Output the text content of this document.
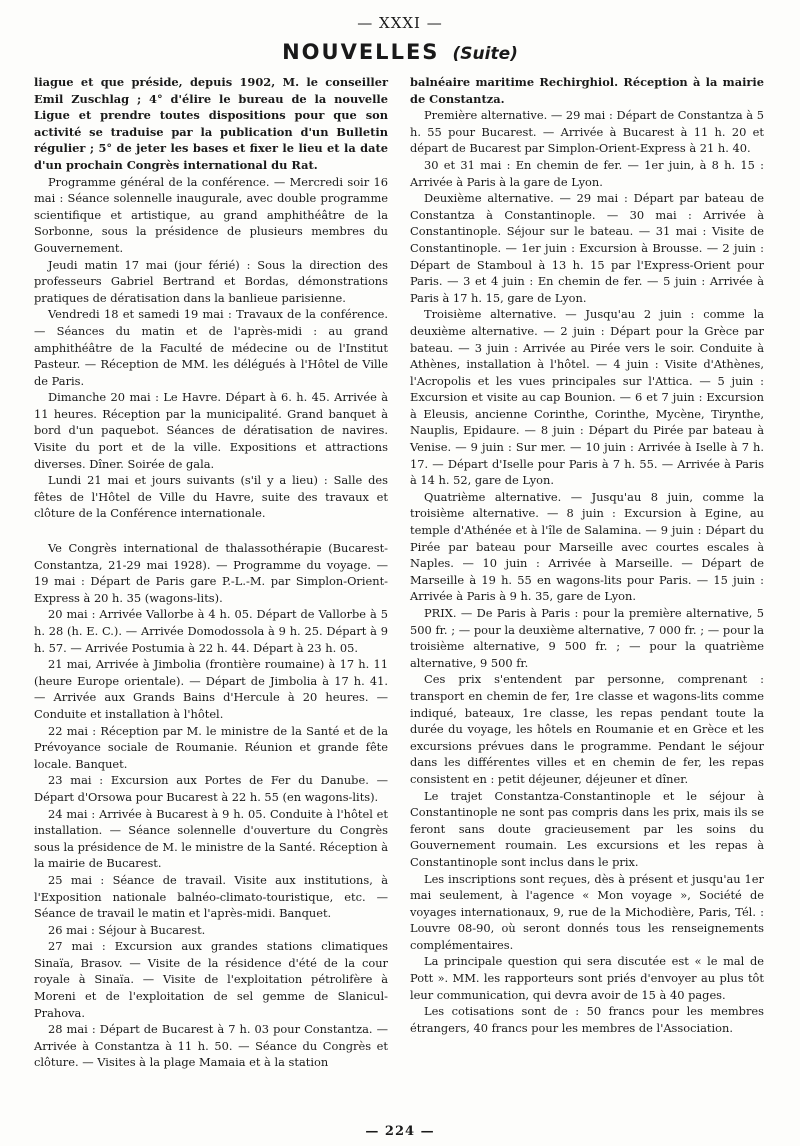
— XXXI —
NOUVELLES (Suite)

liague et que préside, depuis 1902, M. le conseiller Emil Zuschlag ; 4° d'élire le bureau de la nouvelle Ligue et prendre toutes dispositions pour que son activité se traduise par la publication d'un Bulletin régulier ; 5° de jeter les bases et fixer le lieu et la date d'un prochain Congrès international du Rat.

Programme général de la conférence. — Mercredi soir 16 mai : Séance solennelle inaugurale, avec double programme scientifique et artistique, au grand amphithéâtre de la Sorbonne, sous la présidence de plusieurs membres du Gouvernement.

Jeudi matin 17 mai (jour férié) : Sous la direction des professeurs Gabriel Bertrand et Bordas, démonstrations pratiques de dératisation dans la banlieue parisienne.

Vendredi 18 et samedi 19 mai : Travaux de la conférence. — Séances du matin et de l'après-midi : au grand amphithéâtre de la Faculté de médecine ou de l'Institut Pasteur. — Réception de MM. les délégués à l'Hôtel de Ville de Paris.

Dimanche 20 mai : Le Havre. Départ à 6. h. 45. Arrivée à 11 heures. Réception par la municipalité. Grand banquet à bord d'un paquebot. Séances de dératisation de navires. Visite du port et de la ville. Expositions et attractions diverses. Dîner. Soirée de gala.

Lundi 21 mai et jours suivants (s'il y a lieu) : Salle des fêtes de l'Hôtel de Ville du Havre, suite des travaux et clôture de la Conférence internationale.

Ve Congrès international de thalassothérapie (Bucarest-Constantza, 21-29 mai 1928). — Programme du voyage. — 19 mai : Départ de Paris gare P.-L.-M. par Simplon-Orient-Express à 20 h. 35 (wagons-lits).

20 mai : Arrivée Vallorbe à 4 h. 05. Départ de Vallorbe à 5 h. 28 (h. E. C.). — Arrivée Domodossola à 9 h. 25. Départ à 9 h. 57. — Arrivée Postumia à 22 h. 44. Départ à 23 h. 05.

21 mai, Arrivée à Jimbolia (frontière roumaine) à 17 h. 11 (heure Europe orientale). — Départ de Jimbolia à 17 h. 41. — Arrivée aux Grands Bains d'Hercule à 20 heures. — Conduite et installation à l'hôtel.

22 mai : Réception par M. le ministre de la Santé et de la Prévoyance sociale de Roumanie. Réunion et grande fête locale. Banquet.

23 mai : Excursion aux Portes de Fer du Danube. — Départ d'Orsowa pour Bucarest à 22 h. 55 (en wagons-lits).

24 mai : Arrivée à Bucarest à 9 h. 05. Conduite à l'hôtel et installation. — Séance solennelle d'ouverture du Congrès sous la présidence de M. le ministre de la Santé. Réception à la mairie de Bucarest.

25 mai : Séance de travail. Visite aux institutions, à l'Exposition nationale balnéo-climato-touristique, etc. — Séance de travail le matin et l'après-midi. Banquet.

26 mai : Séjour à Bucarest.

27 mai : Excursion aux grandes stations climatiques Sinaïa, Brasov. — Visite de la résidence d'été de la cour royale à Sinaïa. — Visite de l'exploitation pétrolifère à Moreni et de l'exploitation de sel gemme de Slanicul-Prahova.

28 mai : Départ de Bucarest à 7 h. 03 pour Constantza. — Arrivée à Constantza à 11 h. 50. — Séance du Congrès et clôture. — Visites à la plage Mamaia et à la station

balnéaire maritime Rechirghiol. Réception à la mairie de Constantza.

Première alternative. — 29 mai : Départ de Constantza à 5 h. 55 pour Bucarest. — Arrivée à Bucarest à 11 h. 20 et départ de Bucarest par Simplon-Orient-Express à 21 h. 40.

30 et 31 mai : En chemin de fer. — 1er juin, à 8 h. 15 : Arrivée à Paris à la gare de Lyon.

Deuxième alternative. — 29 mai : Départ par bateau de Constantza à Constantinople. — 30 mai : Arrivée à Constantinople. Séjour sur le bateau. — 31 mai : Visite de Constantinople. — 1er juin : Excursion à Brousse. — 2 juin : Départ de Stamboul à 13 h. 15 par l'Express-Orient pour Paris. — 3 et 4 juin : En chemin de fer. — 5 juin : Arrivée à Paris à 17 h. 15, gare de Lyon.

Troisième alternative. — Jusqu'au 2 juin : comme la deuxième alternative. — 2 juin : Départ pour la Grèce par bateau. — 3 juin : Arrivée au Pirée vers le soir. Conduite à Athènes, installation à l'hôtel. — 4 juin : Visite d'Athènes, l'Acropolis et les vues principales sur l'Attica. — 5 juin : Excursion et visite au cap Bounion. — 6 et 7 juin : Excursion à Eleusis, ancienne Corinthe, Corinthe, Mycène, Tirynthe, Nauplis, Epidaure. — 8 juin : Départ du Pirée par bateau à Venise. — 9 juin : Sur mer. — 10 juin : Arrivée à Iselle à 7 h. 17. — Départ d'Iselle pour Paris à 7 h. 55. — Arrivée à Paris à 14 h. 52, gare de Lyon.

Quatrième alternative. — Jusqu'au 8 juin, comme la troisième alternative. — 8 juin : Excursion à Egine, au temple d'Athénée et à l'île de Salamina. — 9 juin : Départ du Pirée par bateau pour Marseille avec courtes escales à Naples. — 10 juin : Arrivée à Marseille. — Départ de Marseille à 19 h. 55 en wagons-lits pour Paris. — 15 juin : Arrivée à Paris à 9 h. 35, gare de Lyon.

PRIX. — De Paris à Paris : pour la première alternative, 5 500 fr. ; — pour la deuxième alternative, 7 000 fr. ; — pour la troisième alternative, 9 500 fr. ; — pour la quatrième alternative, 9 500 fr.

Ces prix s'entendent par personne, comprenant : transport en chemin de fer, 1re classe et wagons-lits comme indiqué, bateaux, 1re classe, les repas pendant toute la durée du voyage, les hôtels en Roumanie et en Grèce et les excursions prévues dans le programme. Pendant le séjour dans les différentes villes et en chemin de fer, les repas consistent en : petit déjeuner, déjeuner et dîner.

Le trajet Constantza-Constantinople et le séjour à Constantinople ne sont pas compris dans les prix, mais ils se feront sans doute gracieusement par les soins du Gouvernement roumain. Les excursions et les repas à Constantinople sont inclus dans le prix.

Les inscriptions sont reçues, dès à présent et jusqu'au 1er mai seulement, à l'agence « Mon voyage », Société de voyages internationaux, 9, rue de la Michodière, Paris, Tél. : Louvre 08-90, où seront donnés tous les renseignements complémentaires.

La principale question qui sera discutée est « le mal de Pott ». MM. les rapporteurs sont priés d'envoyer au plus tôt leur communication, qui devra avoir de 15 à 40 pages.

Les cotisations sont de : 50 francs pour les membres étrangers, 40 francs pour les membres de l'Association.

— 224 —
